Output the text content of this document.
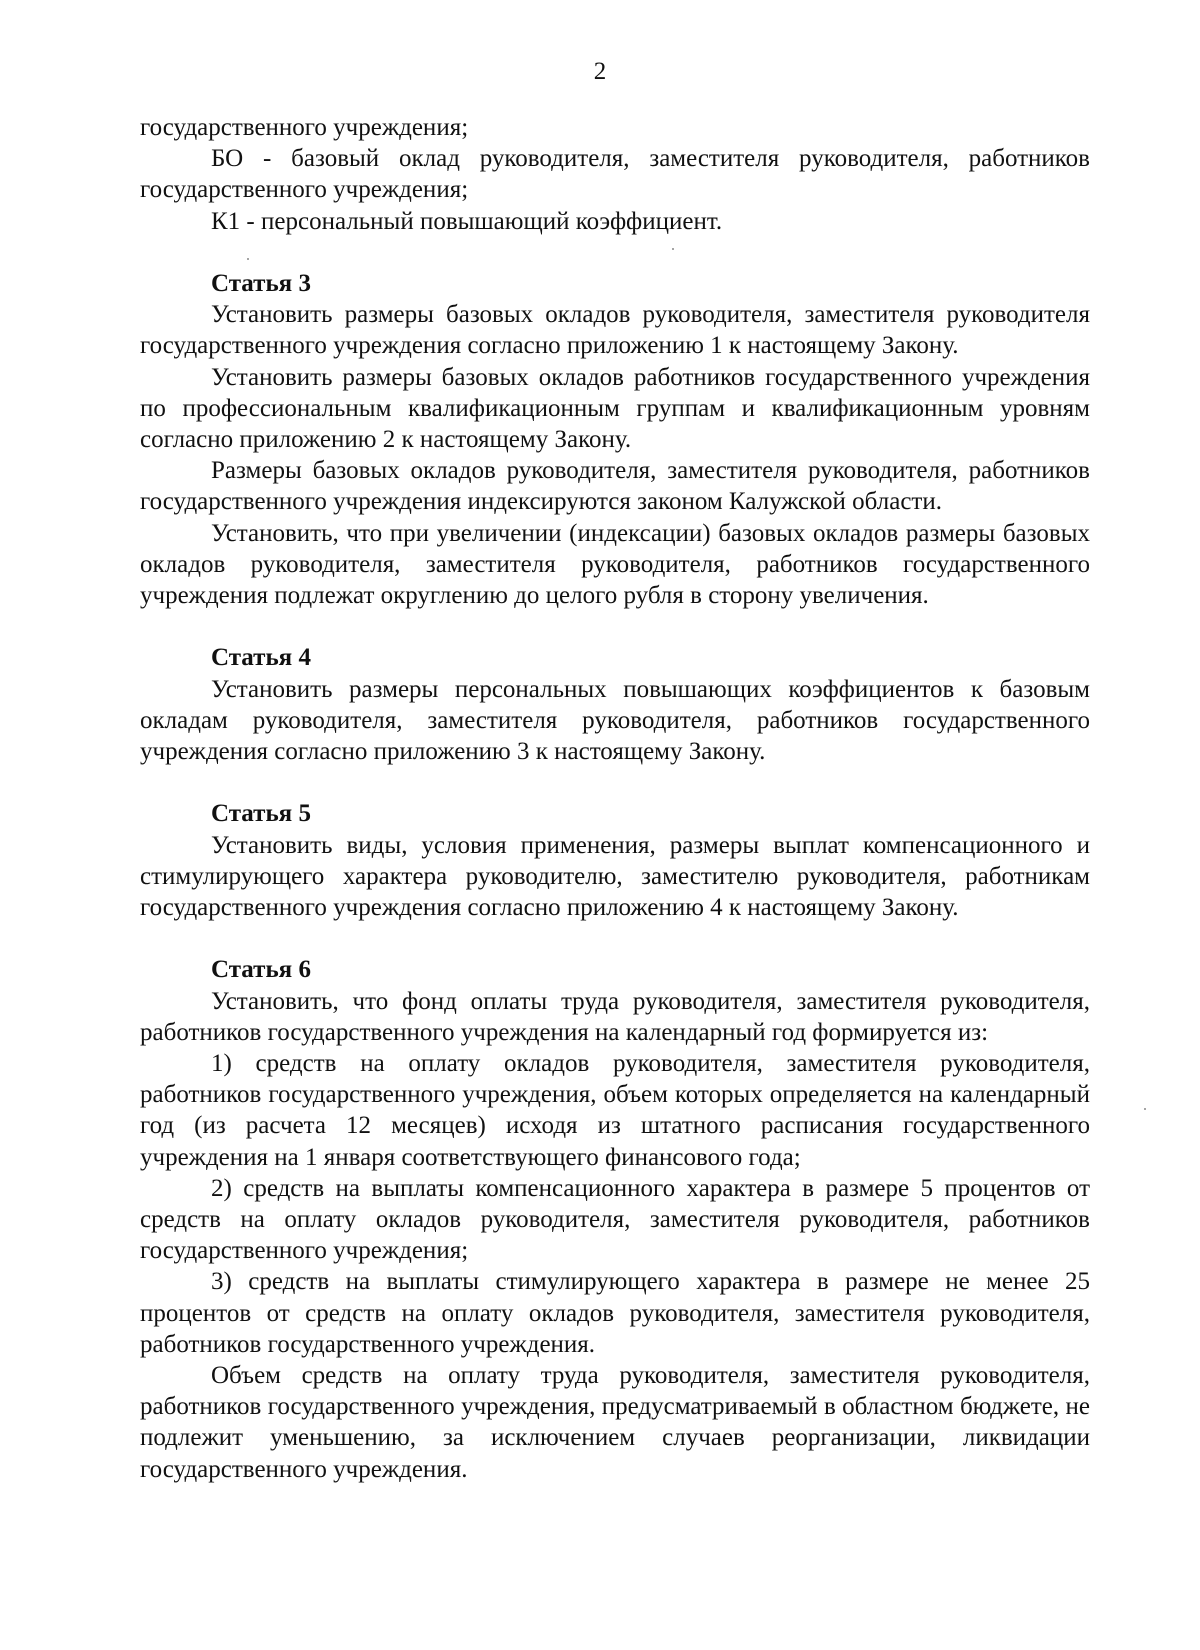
2

государственного учреждения;

БО - базовый оклад руководителя, заместителя руководителя, работников государственного учреждения;

К1 - персональный повышающий коэффициент.

Статья 3

Установить размеры базовых окладов руководителя, заместителя руководителя государственного учреждения согласно приложению 1 к настоящему Закону.

Установить размеры базовых окладов работников государственного учреждения по профессиональным квалификационным группам и квалификационным уровням согласно приложению 2 к настоящему Закону.

Размеры базовых окладов руководителя, заместителя руководителя, работников государственного учреждения индексируются законом Калужской области.

Установить, что при увеличении (индексации) базовых окладов размеры базовых окладов руководителя, заместителя руководителя, работников государственного учреждения подлежат округлению до целого рубля в сторону увеличения.

Статья 4

Установить размеры персональных повышающих коэффициентов к базовым окладам руководителя, заместителя руководителя, работников государственного учреждения согласно приложению 3 к настоящему Закону.

Статья 5

Установить виды, условия применения, размеры выплат компенсационного и стимулирующего характера руководителю, заместителю руководителя, работникам государственного учреждения согласно приложению 4 к настоящему Закону.

Статья 6

Установить, что фонд оплаты труда руководителя, заместителя руководителя, работников государственного учреждения на календарный год формируется из:

1) средств на оплату окладов руководителя, заместителя руководителя, работников государственного учреждения, объем которых определяется на календарный год (из расчета 12 месяцев) исходя из штатного расписания государственного учреждения на 1 января соответствующего финансового года;

2) средств на выплаты компенсационного характера в размере 5 процентов от средств на оплату окладов руководителя, заместителя руководителя, работников государственного учреждения;

3) средств на выплаты стимулирующего характера в размере не менее 25 процентов от средств на оплату окладов руководителя, заместителя руководителя, работников государственного учреждения.

Объем средств на оплату труда руководителя, заместителя руководителя, работников государственного учреждения, предусматриваемый в областном бюджете, не подлежит уменьшению, за исключением случаев реорганизации, ликвидации государственного учреждения.
